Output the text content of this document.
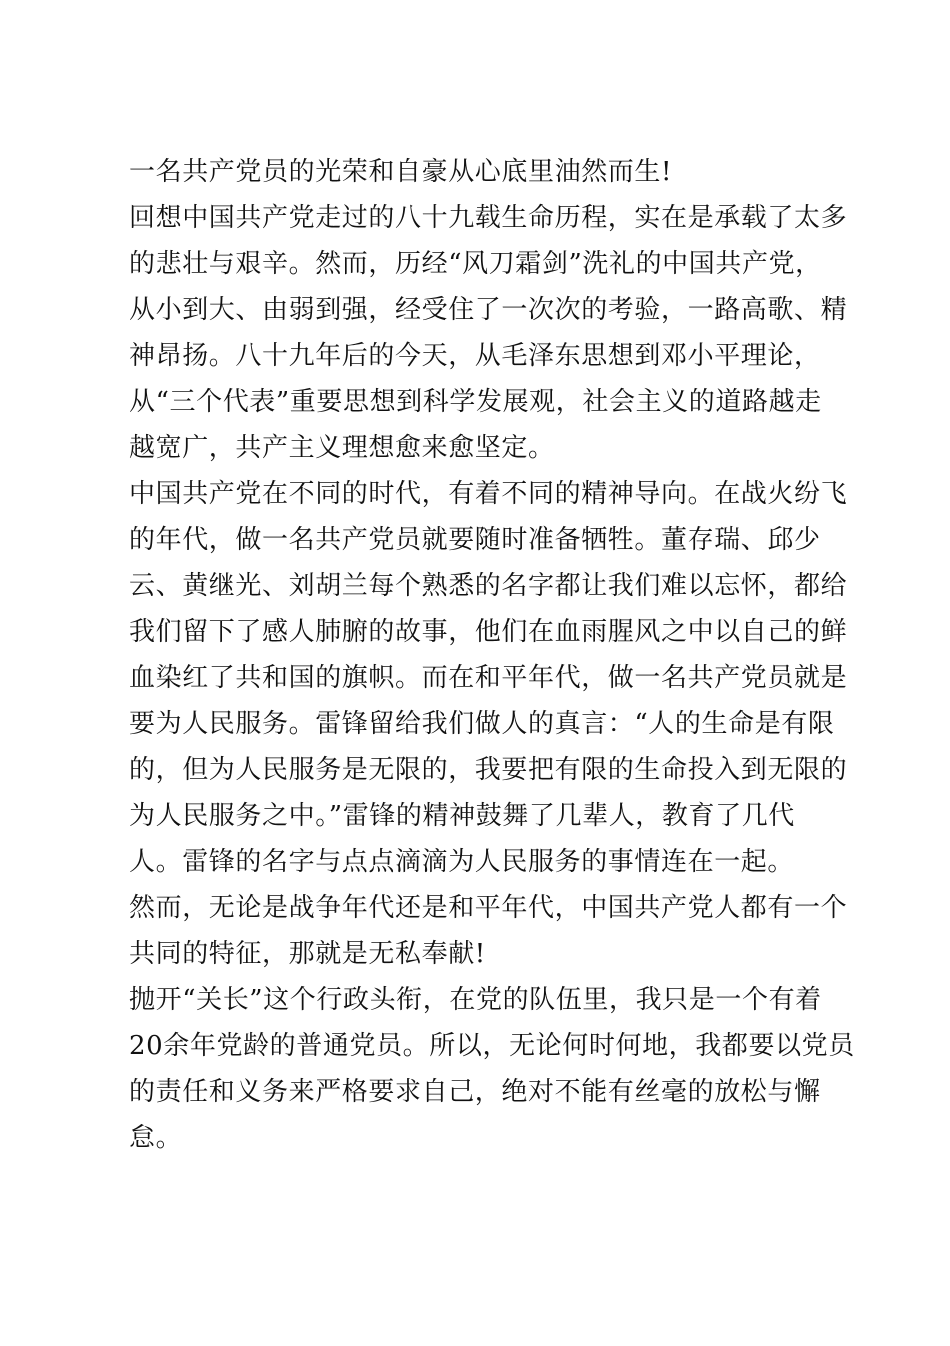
一名共产党员的光荣和自豪从心底里油然而生!
回想中国共产党走过的八十九载生命历程，实在是承载了太多
的悲壮与艰辛。然而，历经“风刀霜剑”洗礼的中国共产党，
从小到大、由弱到强，经受住了一次次的考验，一路高歌、精
神昂扬。八十九年后的今天，从毛泽东思想到邓小平理论，
从“三个代表”重要思想到科学发展观，社会主义的道路越走
越宽广，共产主义理想愈来愈坚定。
中国共产党在不同的时代，有着不同的精神导向。在战火纷飞
的年代，做一名共产党员就要随时准备牺牲。董存瑞、邱少
云、黄继光、刘胡兰每个熟悉的名字都让我们难以忘怀，都给
我们留下了感人肺腑的故事，他们在血雨腥风之中以自己的鲜
血染红了共和国的旗帜。而在和平年代，做一名共产党员就是
要为人民服务。雷锋留给我们做人的真言：“人的生命是有限
的，但为人民服务是无限的，我要把有限的生命投入到无限的
为人民服务之中。”雷锋的精神鼓舞了几辈人，教育了几代
人。雷锋的名字与点点滴滴为人民服务的事情连在一起。
然而，无论是战争年代还是和平年代，中国共产党人都有一个
共同的特征，那就是无私奉献!
抛开“关长”这个行政头衔，在党的队伍里，我只是一个有着
20余年党龄的普通党员。所以，无论何时何地，我都要以党员
的责任和义务来严格要求自己，绝对不能有丝毫的放松与懈
怠。
